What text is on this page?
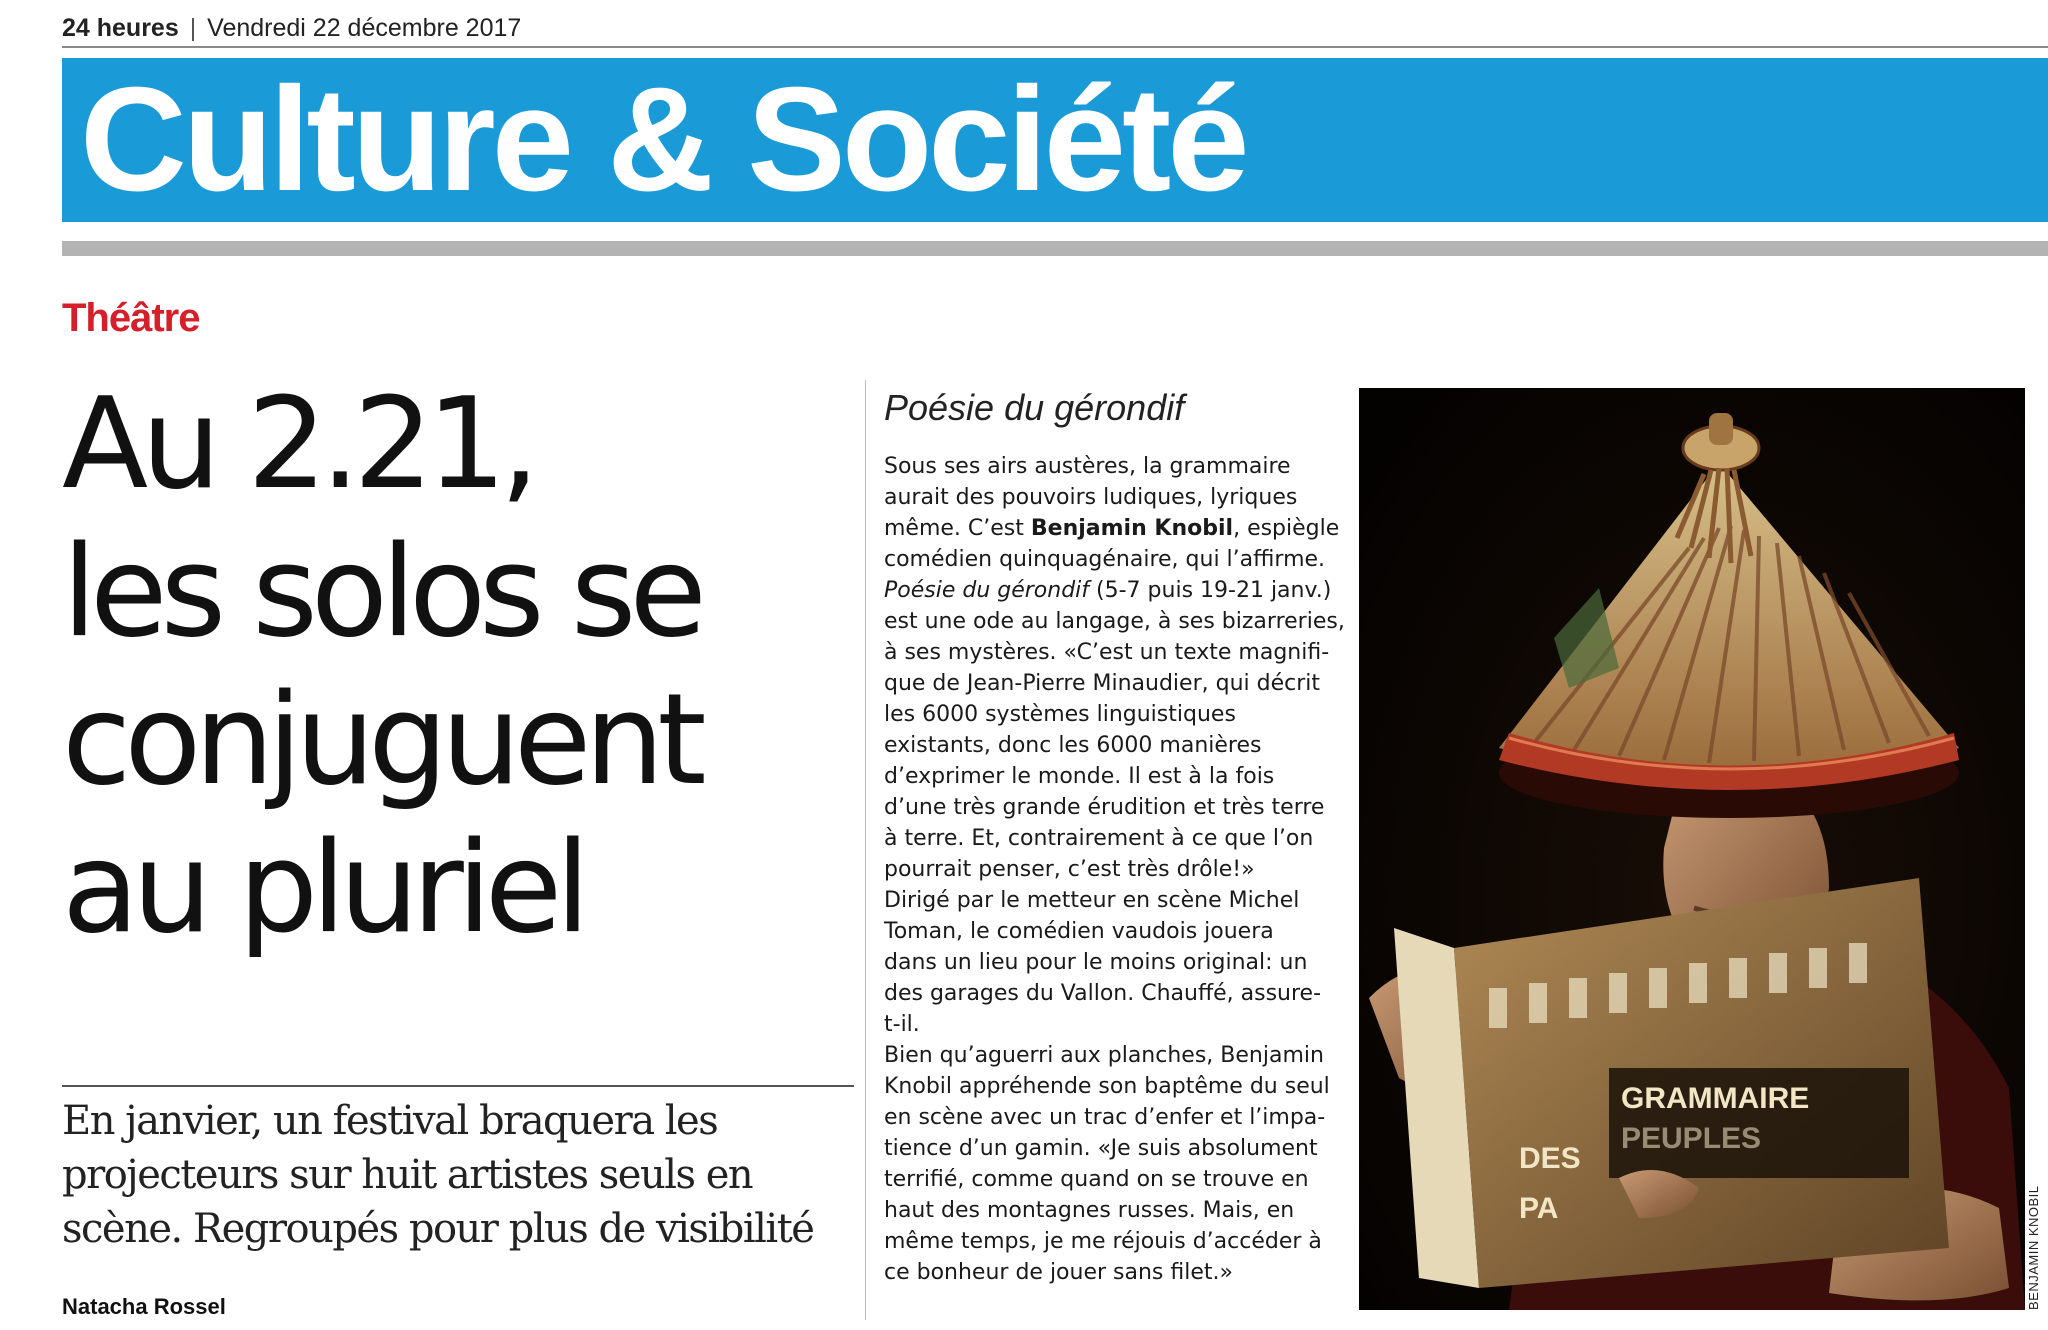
24 heures | Vendredi 22 décembre 2017
Culture & Société
Théâtre
Au 2.21,
les solos se
conjuguent
au pluriel

En janvier, un festival braquera les
projecteurs sur huit artistes seuls en
scène. Regroupés pour plus de visibilité

Natacha Rossel
Poésie du gérondif
Sous ses airs austères, la grammaire
aurait des pouvoirs ludiques, lyriques
même. C’est Benjamin Knobil, espiègle
comédien quinquagénaire, qui l’affirme.
Poésie du gérondif (5-7 puis 19-21 janv.)
est une ode au langage, à ses bizarreries,
à ses mystères. «C’est un texte magnifi-
que de Jean-Pierre Minaudier, qui décrit
les 6000 systèmes linguistiques
existants, donc les 6000 manières
d’exprimer le monde. Il est à la fois
d’une très grande érudition et très terre
à terre. Et, contrairement à ce que l’on
pourrait penser, c’est très drôle!»
Dirigé par le metteur en scène Michel
Toman, le comédien vaudois jouera
dans un lieu pour le moins original: un
des garages du Vallon. Chauffé, assure-
t-il.
Bien qu’aguerri aux planches, Benjamin
Knobil appréhende son baptême du seul
en scène avec un trac d’enfer et l’impa-
tience d’un gamin. «Je suis absolument
terrifié, comme quand on se trouve en
haut des montagnes russes. Mais, en
même temps, je me réjouis d’accéder à
ce bonheur de jouer sans filet.»
GRAMMAIRE
DES
PEUPLES
PA	BENJAMIN KNOBIL
